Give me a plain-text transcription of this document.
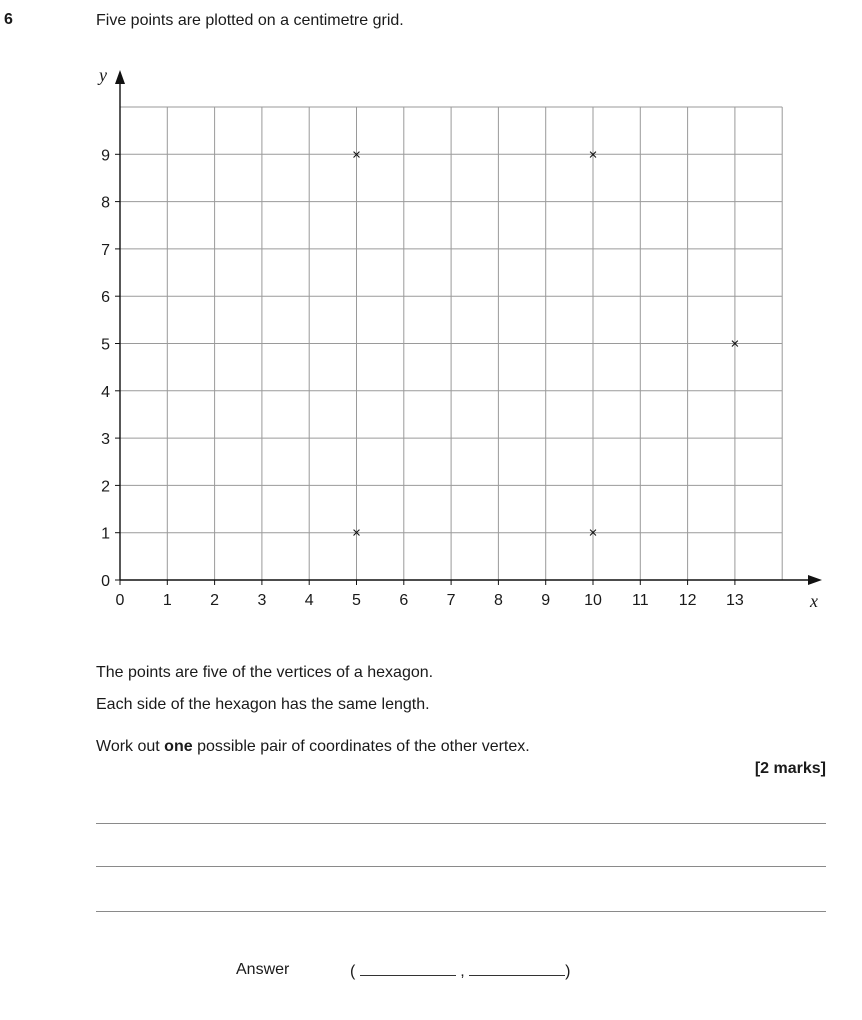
6	Five points are plotted on a centimetre grid.
0 1 2 3 4 5 6 7 8 9 10 11 12 13
0
1
2
3
4
5
6
7
8
9
x
y
×	×
×
×	×
The points are five of the vertices of a hexagon.
Each side of the hexagon has the same length.
Work out one possible pair of coordinates of the other vertex.
[2 marks]
Answer	(	,	)
